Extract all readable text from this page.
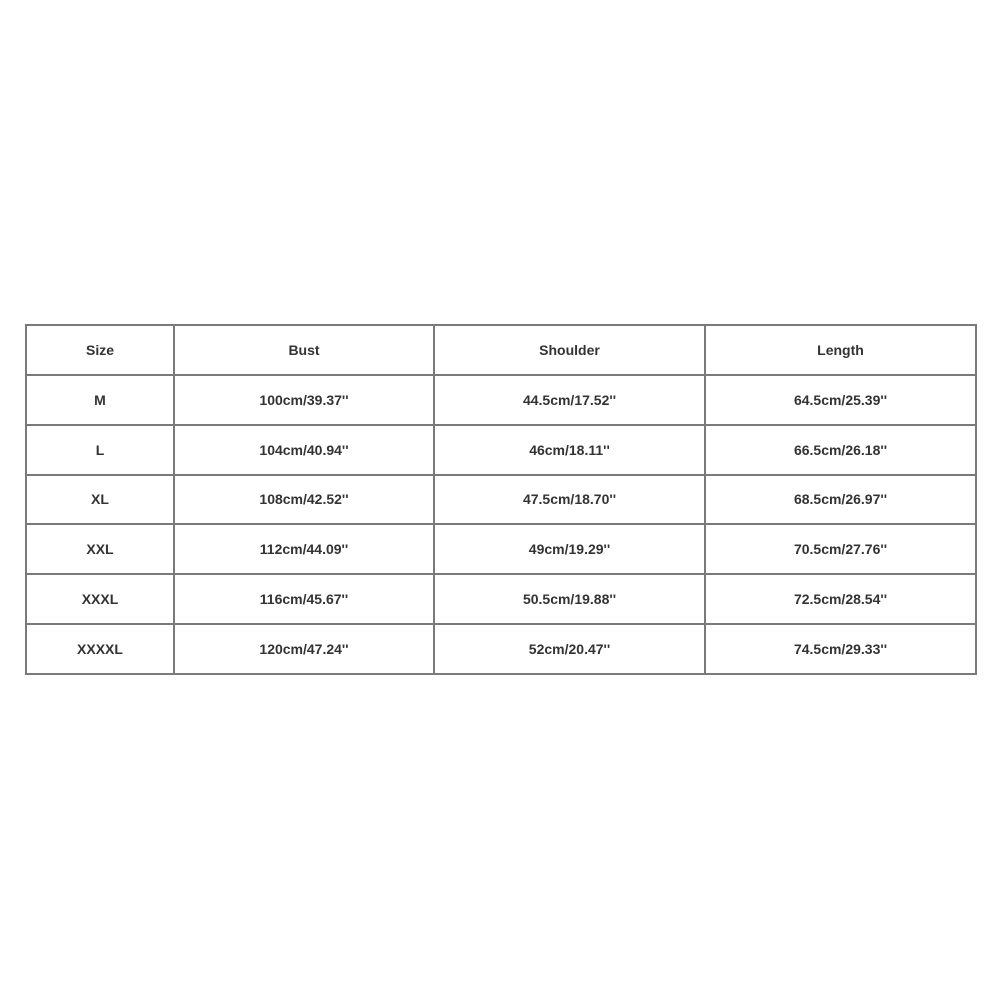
Size	Bust	Shoulder	Length
M	100cm/39.37''	44.5cm/17.52''	64.5cm/25.39''
L	104cm/40.94''	46cm/18.11''	66.5cm/26.18''
XL	108cm/42.52''	47.5cm/18.70''	68.5cm/26.97''
XXL	112cm/44.09''	49cm/19.29''	70.5cm/27.76''
XXXL	116cm/45.67''	50.5cm/19.88''	72.5cm/28.54''
XXXXL	120cm/47.24''	52cm/20.47''	74.5cm/29.33''
